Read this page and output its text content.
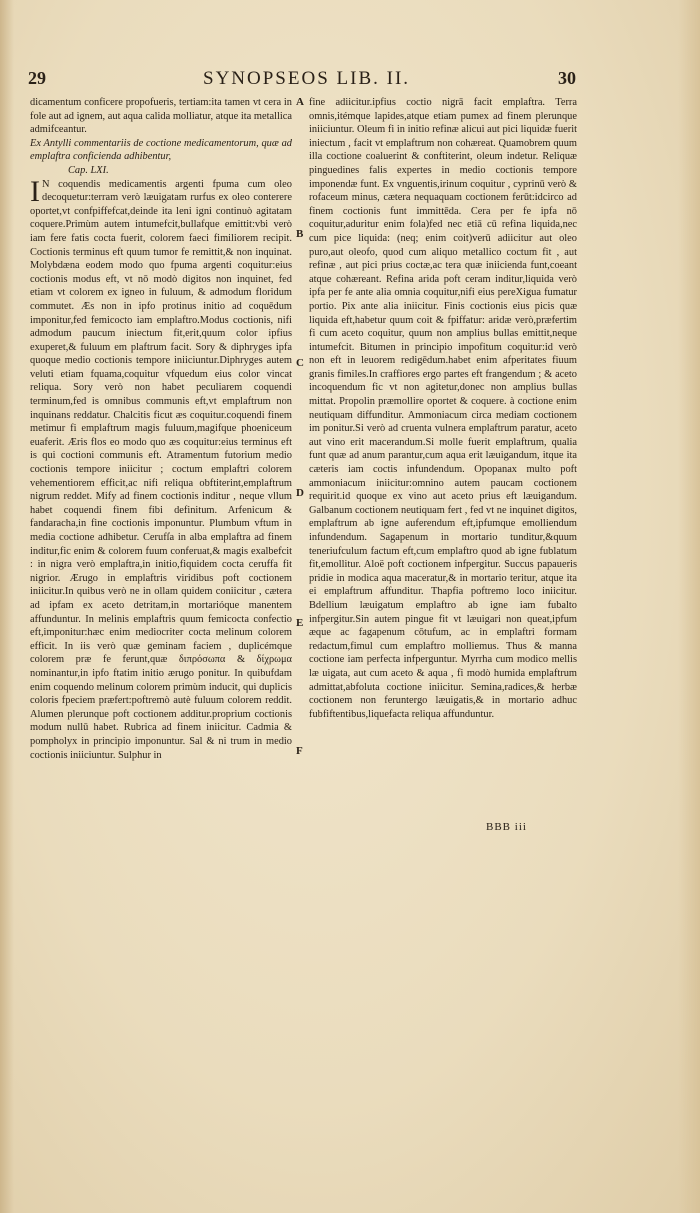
29	SYNOPSEOS LIB. II.	30

dicamentum conficere propofueris, tertiam:ita tamen vt cera in fole aut ad ignem, aut aqua calida molliatur, atque ita metallica admifceantur.

Ex Antylli commentariis de coctione medicamentorum, quæ ad emplaftra conficienda adhibentur,

Cap. LXI.

IN coquendis medicamentis argenti fpuma cum oleo decoquetur:terram verò læuigatam rurfus ex oleo conterere oportet,vt confpiffefcat,deinde ita leni igni continuò agitatam coquere.Primùm autem intumefcit,bullafque emittit:vbi verò iam fere fatis cocta fuerit, colorem faeci fimiliorem recipit. Coctionis terminus eft quum tumor fe remittit,& non inquinat. Molybdæna eodem modo quo fpuma argenti coquitur:eius coctionis modus eft, vt nō modò digitos non inquinet, fed etiam vt colorem ex igneo in fuluum, & admodum floridum commutet. Æs non in ipfo protinus initio ad coquēdum imponitur,fed femicocto iam emplaftro.Modus coctionis, nifi admodum paucum iniectum fit,erit,quum color ipfius exuperet,& fuluum em plaftrum facit. Sory & diphryges ipfa quoque medio coctionis tempore iniiciuntur.Diphryges autem veluti etiam fquama,coquitur vfquedum eius color vincat reliqua. Sory verò non habet peculiarem coquendi terminum,fed is omnibus communis eft,vt emplaftrum non inquinans reddatur. Chalcitis ficut æs coquitur.coquendi finem metimur fi emplaftrum magis fuluum,magifque phoeniceum euaferit. Æris flos eo modo quo æs coquitur:eius terminus eft is qui coctioni communis eft. Atramentum futorium medio coctionis tempore iniicitur ; coctum emplaftri colorem vehementiorem efficit,ac nifi reliqua obftiterint,emplaftrum nigrum reddet. Mify ad finem coctionis inditur , neque vllum habet coquendi finem fibi definitum. Arfenicum & fandaracha,in fine coctionis imponuntur. Plumbum vftum in media coctione adhibetur. Cerufſa in alba emplaftra ad finem inditur,fic enim & colorem fuum conferuat,& magis exalbefcit : in nigra verò emplaftra,in initio,fiquidem cocta ceruffa fit nigrior. Ærugo in emplaftris viridibus poft coctionem iniicitur.In quibus verò ne in ollam quidem coniicitur , cætera ad ipfam ex aceto detritam,in mortarióque manentem affunduntur. In melinis emplaftris quum femicocta confectio eft,imponitur:hæc enim mediocriter cocta melinum colorem efficit. In iis verò quæ geminam faciem , duplicémque colorem præ fe ferunt,quæ διπρόσωπα & δίχρωμα nominantur,in ipfo ftatim initio ærugo ponitur. In quibufdam enim coquendo melinum colorem primùm inducit, qui duplicis coloris fpeciem præfert:poftremò autè fuluum colorem reddit. Alumen plerunque poft coctionem additur.proprium coctionis modum nullū habet. Rubrica ad finem iniicitur. Cadmia & pompholyx in principio imponuntur. Sal & ni trum in medio coctionis iniiciuntur. Sulphur in

fine adiicitur.ipfius coctio nigrā facit emplaftra. Terra omnis,itémque lapides,atque etiam pumex ad finem plerunque iniiciuntur. Oleum fi in initio refinæ alicui aut pici liquidæ fuerit iniectum , facit vt emplaftrum non cohæreat. Quamobrem quum illa coctione coaluerint & conftiterint, oleum indetur. Reliquæ pinguedines falis expertes in medio coctionis tempore imponendæ funt. Ex vnguentis,irinum coquitur , cyprinū verò & rofaceum minus, cætera nequaquam coctionem ferūt:idcirco ad finem coctionis funt immittēda. Cera per fe ipfa nō coquitur,aduritur enim fola)fed nec etiā cū refina liquida,nec cum pice liquida: (neq; enim coit)verū adiicitur aut oleo puro,aut oleofo, quod cum aliquo metallico coctum fit , aut refinæ , aut pici prius coctæ,ac tera quæ iniicienda funt,coeant atque cohæreant. Refina arida poft ceram inditur,liquida verò ipfa per fe ante alia omnia coquitur,nifi eius pereXigua fumatur portio. Pix ante alia iniicitur. Finis coctionis eius picis quæ liquida eft,habetur quum coit & fpiffatur: aridæ verò,præfertim fi cum aceto coquitur, quum non amplius bullas emittit,neque intumefcit. Bitumen in principio impofitum coquitur:id verò non eft in leuorem redigēdum.habet enim afperitates fiuum granis fimiles.In craffiores ergo partes eft frangendum ; & aceto incoquendum fic vt non agitetur,donec non amplius bullas mittat. Propolin præmollire oportet & coquere. à coctione enim neutiquam diffunditur. Ammoniacum circa mediam coctionem im ponitur.Si verò ad cruenta vulnera emplaftrum paratur, aceto aut vino erit macerandum.Si molle fuerit emplaftrum, qualia funt quæ ad anum parantur,cum aqua erit læuigandum, itque ita cæteris iam coctis infundendum. Opopanax multo poft ammoniacum iniicitur:omnino autem paucam coctionem requirit.id quoque ex vino aut aceto prius eft læuigandum. Galbanum coctionem neutiquam fert , fed vt ne inquinet digitos, emplaftrum ab igne auferendum eft,ipfumque emolliendum infundendum. Sagapenum in mortario tunditur,&quum teneriufculum factum eft,cum emplaftro quod ab igne fublatum fit,emollitur. Aloë poft coctionem infpergitur. Succus papaueris pridie in modica aqua maceratur,& in mortario teritur, atque ita ei emplaftrum affunditur. Thapfia poftremo loco iniicitur. Bdellium læuigatum emplaftro ab igne iam fubalto infpergitur.Sin autem pingue fit vt læuigari non queat,ipfum æque ac fagapenum cōtufum, ac in emplaftri formam redactum,fimul cum emplaftro molliemus. Thus & manna coctione iam perfecta infperguntur. Myrrha cum modico mellis læ uigata, aut cum aceto & aqua , fi modò humida emplaftrum admittat,abfoluta coctione iniicitur. Semina,radices,& herbæ coctionem non feruntergo læuigatis,& in mortario adhuc fubfiftentibus,liquefacta reliqua affunduntur.

A
B
C
D
E
F
BBB iii
